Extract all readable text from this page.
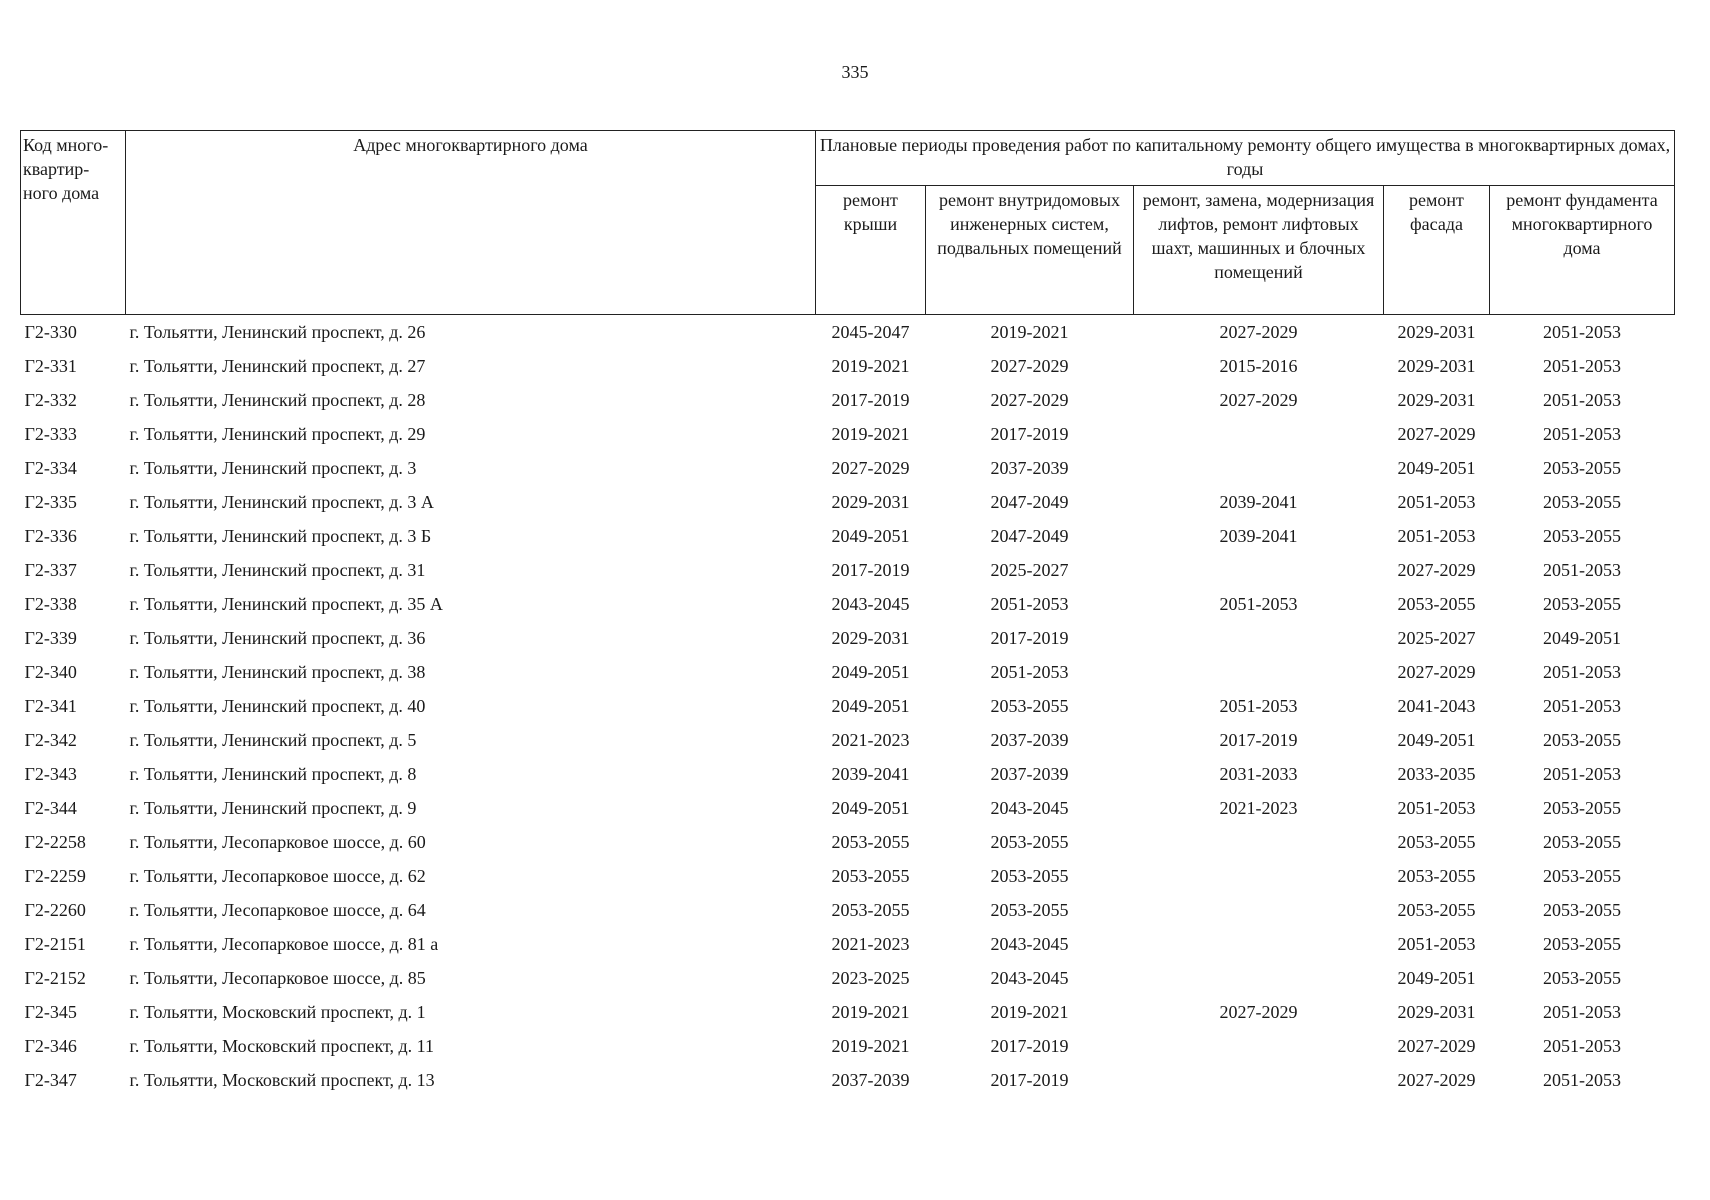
335
Код много-квартир-ного дома	Адрес многоквартирного дома	Плановые периоды проведения работ по капитальному ремонту общего имущества в многоквартирных домах, годы				
		ремонт крыши	ремонт внутридомовых инженерных систем, подвальных помещений	ремонт, замена, модернизация лифтов, ремонт лифтовых шахт, машинных и блочных помещений	ремонт фасада	ремонт фундамента многоквартирного дома
Г2-330	г. Тольятти, Ленинский проспект, д. 26	2045-2047	2019-2021	2027-2029	2029-2031	2051-2053
Г2-331	г. Тольятти, Ленинский проспект, д. 27	2019-2021	2027-2029	2015-2016	2029-2031	2051-2053
Г2-332	г. Тольятти, Ленинский проспект, д. 28	2017-2019	2027-2029	2027-2029	2029-2031	2051-2053
Г2-333	г. Тольятти, Ленинский проспект, д. 29	2019-2021	2017-2019		2027-2029	2051-2053
Г2-334	г. Тольятти, Ленинский проспект, д. 3	2027-2029	2037-2039		2049-2051	2053-2055
Г2-335	г. Тольятти, Ленинский проспект, д. 3 А	2029-2031	2047-2049	2039-2041	2051-2053	2053-2055
Г2-336	г. Тольятти, Ленинский проспект, д. 3 Б	2049-2051	2047-2049	2039-2041	2051-2053	2053-2055
Г2-337	г. Тольятти, Ленинский проспект, д. 31	2017-2019	2025-2027		2027-2029	2051-2053
Г2-338	г. Тольятти, Ленинский проспект, д. 35 А	2043-2045	2051-2053	2051-2053	2053-2055	2053-2055
Г2-339	г. Тольятти, Ленинский проспект, д. 36	2029-2031	2017-2019		2025-2027	2049-2051
Г2-340	г. Тольятти, Ленинский проспект, д. 38	2049-2051	2051-2053		2027-2029	2051-2053
Г2-341	г. Тольятти, Ленинский проспект, д. 40	2049-2051	2053-2055	2051-2053	2041-2043	2051-2053
Г2-342	г. Тольятти, Ленинский проспект, д. 5	2021-2023	2037-2039	2017-2019	2049-2051	2053-2055
Г2-343	г. Тольятти, Ленинский проспект, д. 8	2039-2041	2037-2039	2031-2033	2033-2035	2051-2053
Г2-344	г. Тольятти, Ленинский проспект, д. 9	2049-2051	2043-2045	2021-2023	2051-2053	2053-2055
Г2-2258	г. Тольятти, Лесопарковое шоссе, д. 60	2053-2055	2053-2055		2053-2055	2053-2055
Г2-2259	г. Тольятти, Лесопарковое шоссе, д. 62	2053-2055	2053-2055		2053-2055	2053-2055
Г2-2260	г. Тольятти, Лесопарковое шоссе, д. 64	2053-2055	2053-2055		2053-2055	2053-2055
Г2-2151	г. Тольятти, Лесопарковое шоссе, д. 81 а	2021-2023	2043-2045		2051-2053	2053-2055
Г2-2152	г. Тольятти, Лесопарковое шоссе, д. 85	2023-2025	2043-2045		2049-2051	2053-2055
Г2-345	г. Тольятти, Московский проспект, д. 1	2019-2021	2019-2021	2027-2029	2029-2031	2051-2053
Г2-346	г. Тольятти, Московский проспект, д. 11	2019-2021	2017-2019		2027-2029	2051-2053
Г2-347	г. Тольятти, Московский проспект, д. 13	2037-2039	2017-2019		2027-2029	2051-2053
